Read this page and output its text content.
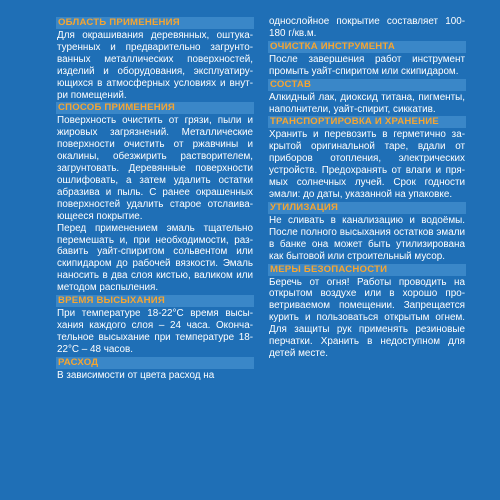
ОБЛАСТЬ ПРИМЕНЕНИЯ

Для окрашивания деревянных, оштукатуренных и предварительно загрунтованных металлических поверхностей, изделий и оборудования, эксплуатирующихся в атмосферных условиях и внутри помещений.

СПОСОБ ПРИМЕНЕНИЯ

Поверхность очистить от грязи, пыли и жировых загрязнений. Металлические поверхности очистить от ржавчины и окалины, обезжирить растворителем, загрунтовать. Деревянные поверхности ошлифовать, а затем удалить остатки абразива и пыль. С ранее окрашенных поверхностей удалить старое отслаивающееся покрытие.

Перед применением эмаль тщательно перемешать и, при необходимости, разбавить уайт-спиритом сольвентом или скипидаром до рабочей вязкости. Эмаль наносить в два слоя кистью, валиком или методом распыления.

ВРЕМЯ ВЫСЫХАНИЯ

При температуре 18-22°С время высыхания каждого слоя – 24 часа. Окончательное высыхание при температуре 18-22°С – 48 часов.

РАСХОД

В зависимости от цвета расход на

однослойное покрытие составляет 100-180 г/кв.м.

ОЧИСТКА ИНСТРУМЕНТА

После завершения работ инструмент промыть уайт-спиритом или скипидаром.

СОСТАВ

Алкидный лак, диоксид титана, пигменты, наполнители, уайт-спирит, сиккатив.

ТРАНСПОРТИРОВКА И ХРАНЕНИЕ

Хранить и перевозить в герметично закрытой оригинальной таре, вдали от приборов отопления, электрических устройств. Предохранять от влаги и прямых солнечных лучей. Срок годности эмали: до даты, указанной на упаковке.

УТИЛИЗАЦИЯ

Не сливать в канализацию и водоёмы. После полного высыхания остатков эмали в банке она может быть утилизирована как бытовой или строительный мусор.

МЕРЫ БЕЗОПАСНОСТИ

Беречь от огня! Работы проводить на открытом воздухе или в хорошо проветриваемом помещении. Запрещается курить и пользоваться открытым огнем. Для защиты рук применять резиновые перчатки. Хранить в недоступном для детей месте.
